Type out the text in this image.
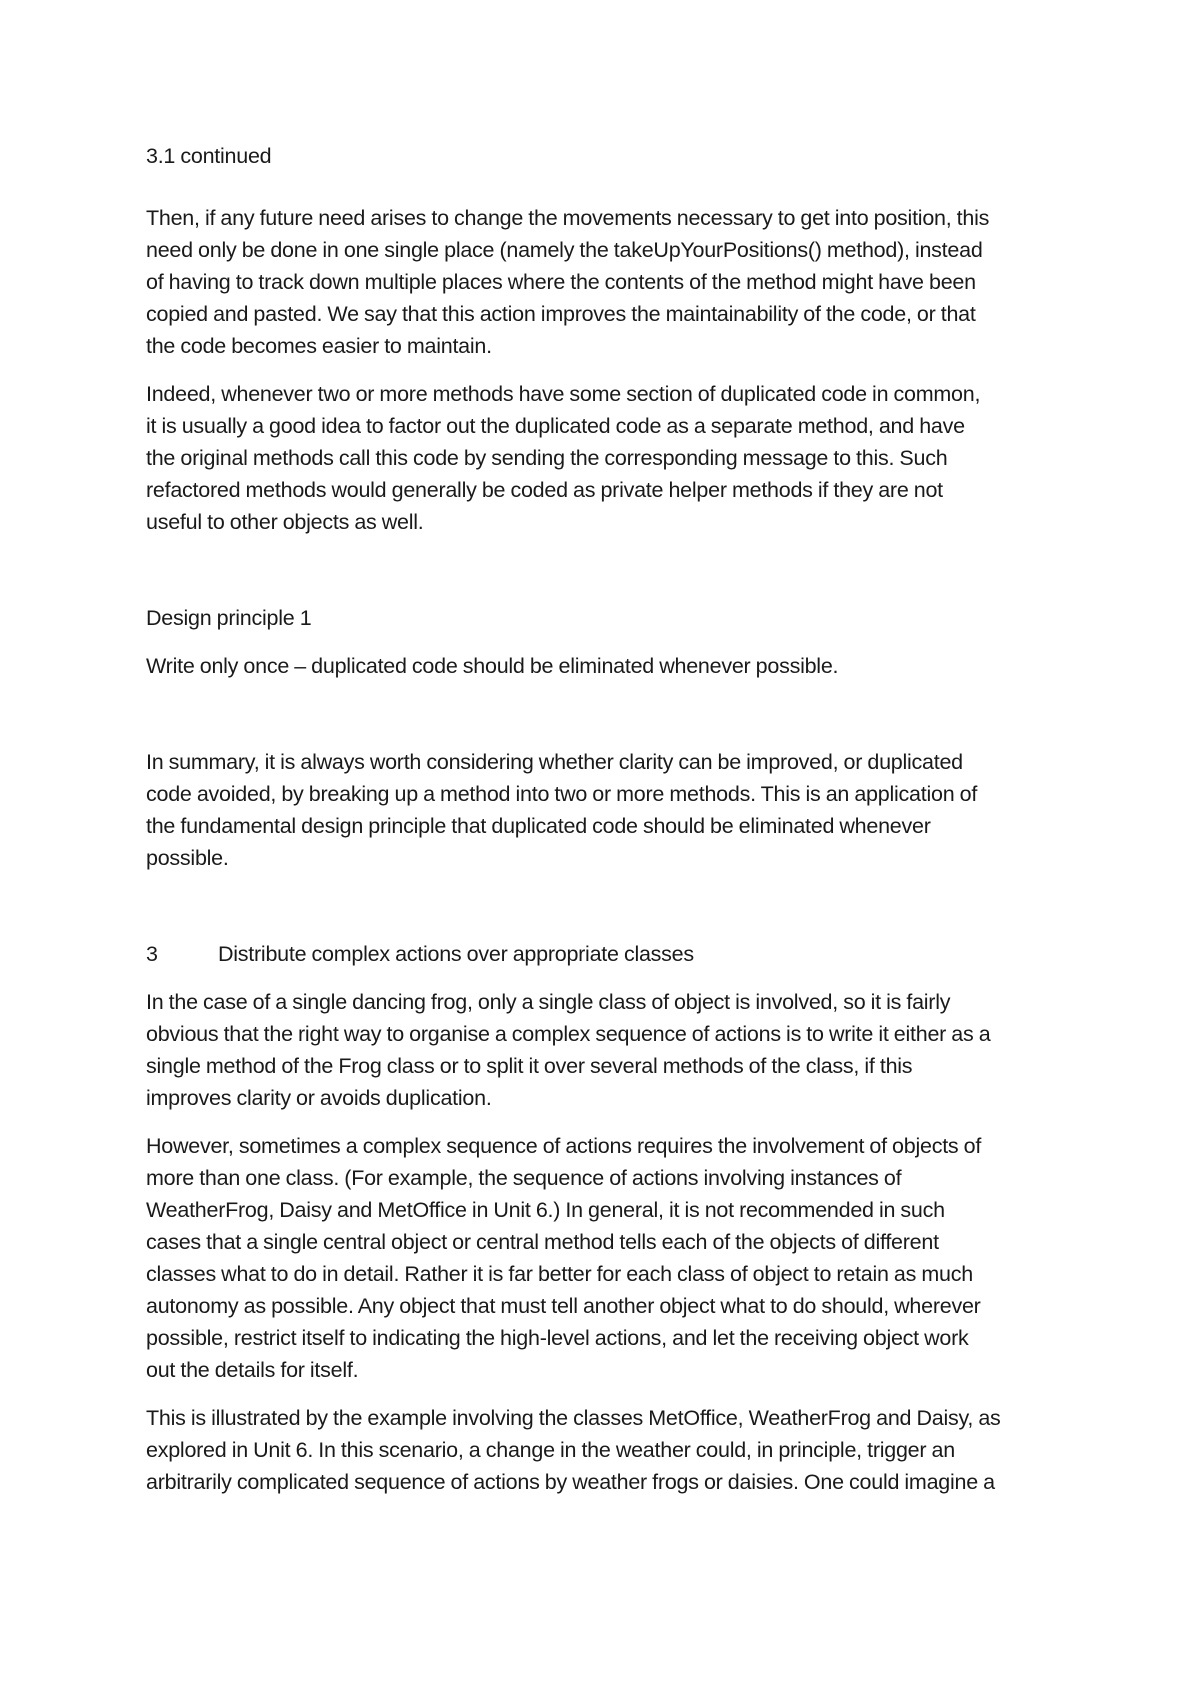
3.1 continued
Then, if any future need arises to change the movements necessary to get into position, this
need only be done in one single place (namely the takeUpYourPositions() method), instead
of having to track down multiple places where the contents of the method might have been
copied and pasted. We say that this action improves the maintainability of the code, or that
the code becomes easier to maintain.
Indeed, whenever two or more methods have some section of duplicated code in common,
it is usually a good idea to factor out the duplicated code as a separate method, and have
the original methods call this code by sending the corresponding message to this. Such
refactored methods would generally be coded as private helper methods if they are not
useful to other objects as well.
Design principle 1
Write only once – duplicated code should be eliminated whenever possible.
In summary, it is always worth considering whether clarity can be improved, or duplicated
code avoided, by breaking up a method into two or more methods. This is an application of
the fundamental design principle that duplicated code should be eliminated whenever
possible.
3	Distribute complex actions over appropriate classes
In the case of a single dancing frog, only a single class of object is involved, so it is fairly
obvious that the right way to organise a complex sequence of actions is to write it either as a
single method of the Frog class or to split it over several methods of the class, if this
improves clarity or avoids duplication.
However, sometimes a complex sequence of actions requires the involvement of objects of
more than one class. (For example, the sequence of actions involving instances of
WeatherFrog, Daisy and MetOffice in Unit 6.) In general, it is not recommended in such
cases that a single central object or central method tells each of the objects of different
classes what to do in detail. Rather it is far better for each class of object to retain as much
autonomy as possible. Any object that must tell another object what to do should, wherever
possible, restrict itself to indicating the high-level actions, and let the receiving object work
out the details for itself.
This is illustrated by the example involving the classes MetOffice, WeatherFrog and Daisy, as
explored in Unit 6. In this scenario, a change in the weather could, in principle, trigger an
arbitrarily complicated sequence of actions by weather frogs or daisies. One could imagine a
